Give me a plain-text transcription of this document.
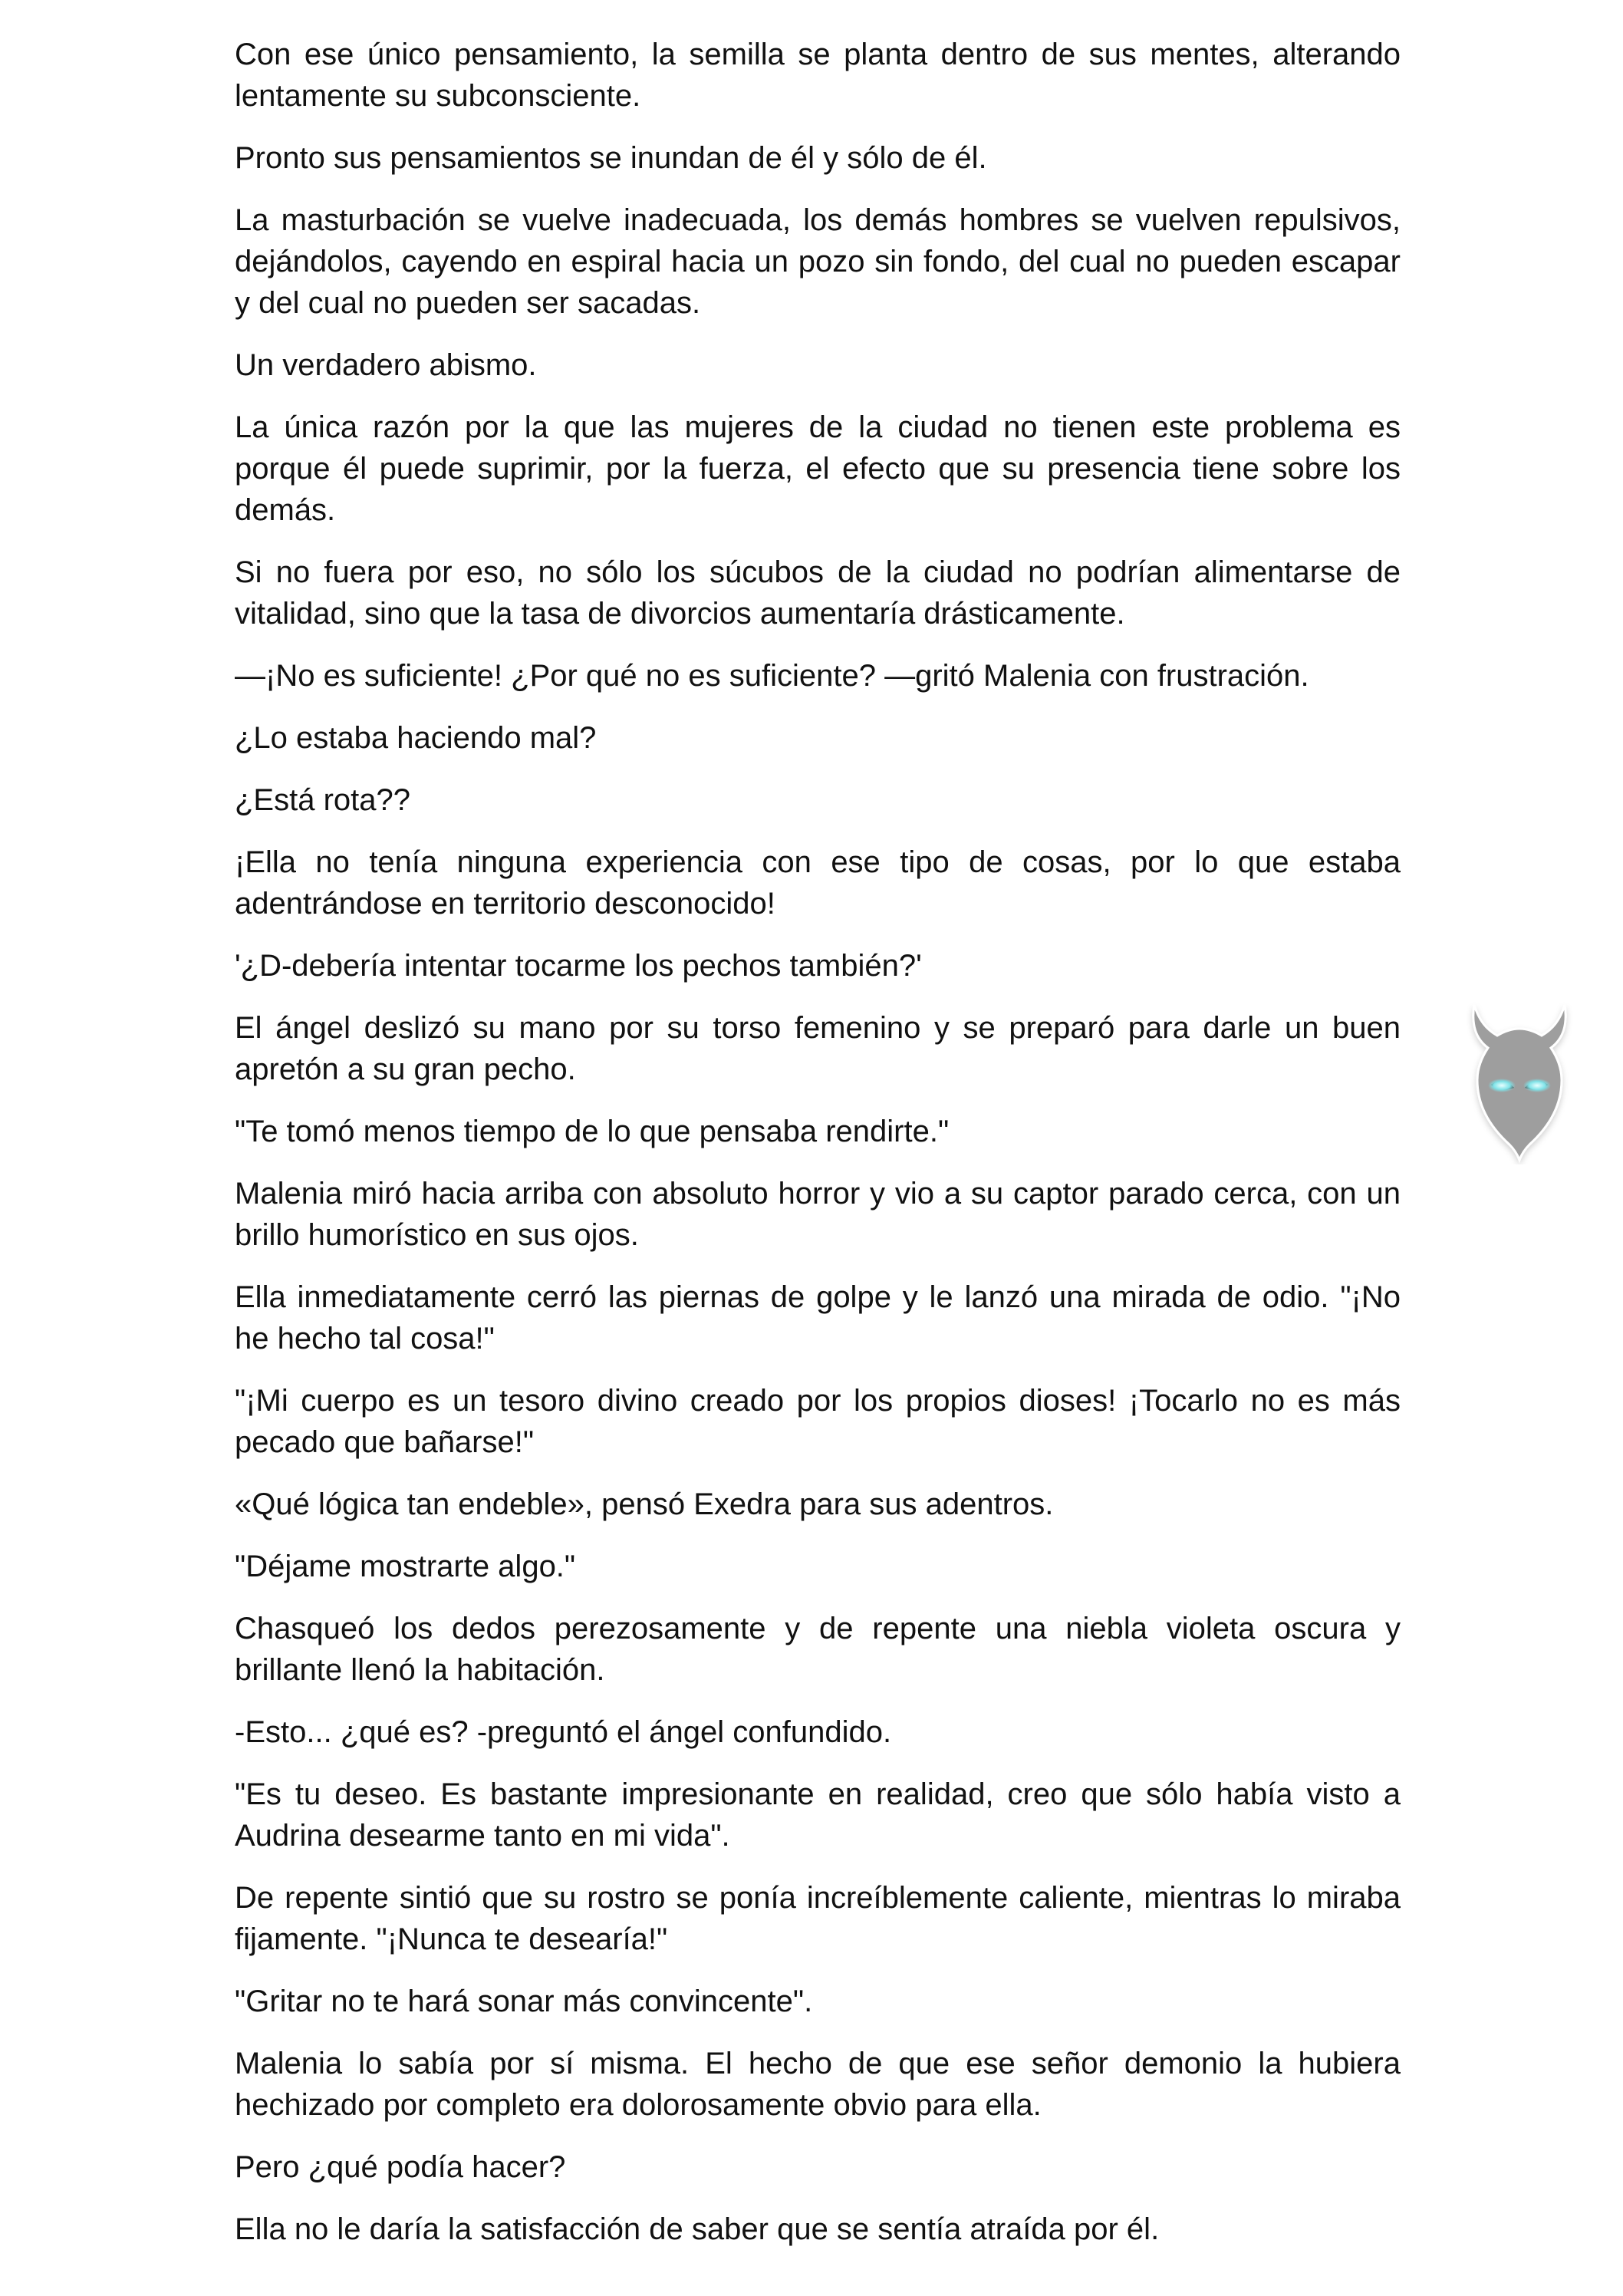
Con ese único pensamiento, la semilla se planta dentro de sus mentes, alterando lentamente su subconsciente.

Pronto sus pensamientos se inundan de él y sólo de él.

La masturbación se vuelve inadecuada, los demás hombres se vuelven repulsivos, dejándolos, cayendo en espiral hacia un pozo sin fondo, del cual no pueden escapar y del cual no pueden ser sacadas.

Un verdadero abismo.

La única razón por la que las mujeres de la ciudad no tienen este problema es porque él puede suprimir, por la fuerza, el efecto que su presencia tiene sobre los demás.

Si no fuera por eso, no sólo los súcubos de la ciudad no podrían alimentarse de vitalidad, sino que la tasa de divorcios aumentaría drásticamente.

—¡No es suficiente! ¿Por qué no es suficiente? —gritó Malenia con frustración.

¿Lo estaba haciendo mal?

¿Está rota??

¡Ella no tenía ninguna experiencia con ese tipo de cosas, por lo que estaba adentrándose en territorio desconocido!

'¿D-debería intentar tocarme los pechos también?'

El ángel deslizó su mano por su torso femenino y se preparó para darle un buen apretón a su gran pecho.

"Te tomó menos tiempo de lo que pensaba rendirte."

Malenia miró hacia arriba con absoluto horror y vio a su captor parado cerca, con un brillo humorístico en sus ojos.

Ella inmediatamente cerró las piernas de golpe y le lanzó una mirada de odio. "¡No he hecho tal cosa!"

"¡Mi cuerpo es un tesoro divino creado por los propios dioses! ¡Tocarlo no es más pecado que bañarse!"

«Qué lógica tan endeble», pensó Exedra para sus adentros.

"Déjame mostrarte algo."

Chasqueó los dedos perezosamente y de repente una niebla violeta oscura y brillante llenó la habitación.

-Esto... ¿qué es? -preguntó el ángel confundido.

"Es tu deseo. Es bastante impresionante en realidad, creo que sólo había visto a Audrina desearme tanto en mi vida".

De repente sintió que su rostro se ponía increíblemente caliente, mientras lo miraba fijamente. "¡Nunca te desearía!"

"Gritar no te hará sonar más convincente".

Malenia lo sabía por sí misma. El hecho de que ese señor demonio la hubiera hechizado por completo era dolorosamente obvio para ella.

Pero ¿qué podía hacer?

Ella no le daría la satisfacción de saber que se sentía atraída por él.
